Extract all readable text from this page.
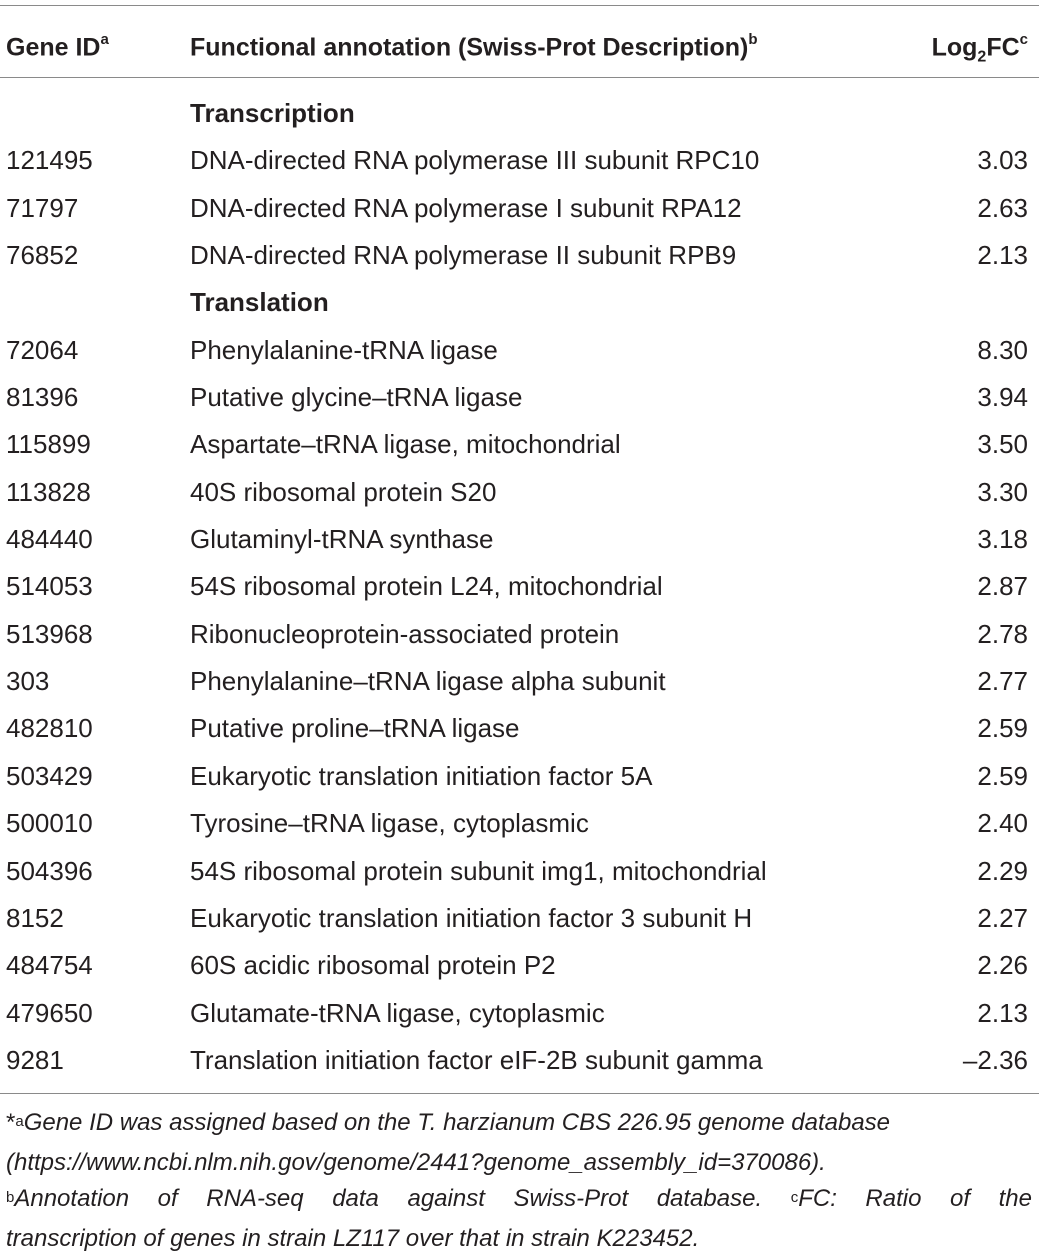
Gene $ID^a$	Functional annotation (Swiss-Prot Description)$^b$	$Log_2FC^c$
Transcription
121495	DNA-directed RNA polymerase III subunit RPC10	3.03
71797	DNA-directed RNA polymerase I subunit RPA12	2.63
76852	DNA-directed RNA polymerase II subunit RPB9	2.13
Translation
72064	Phenylalanine-tRNA ligase	8.30
81396	Putative glycine–tRNA ligase	3.94
115899	Aspartate–tRNA ligase, mitochondrial	3.50
113828	40S ribosomal protein S20	3.30
484440	Glutaminyl-tRNA synthase	3.18
514053	54S ribosomal protein L24, mitochondrial	2.87
513968	Ribonucleoprotein-associated protein	2.78
303	Phenylalanine–tRNA ligase alpha subunit	2.77
482810	Putative proline–tRNA ligase	2.59
503429	Eukaryotic translation initiation factor 5A	2.59
500010	Tyrosine–tRNA ligase, cytoplasmic	2.40
504396	54S ribosomal protein subunit img1, mitochondrial	2.29
8152	Eukaryotic translation initiation factor 3 subunit H	2.27
484754	60S acidic ribosomal protein P2	2.26
479650	Glutamate-tRNA ligase, cytoplasmic	2.13
9281	Translation initiation factor eIF-2B subunit gamma	–2.36
*$^a$Gene ID was assigned based on the T. harzianum CBS 226.95 genome database
(https://www.ncbi.nlm.nih.gov/genome/2441?genome_assembly_id=370086).
$^b$Annotation of RNA-seq data against Swiss-Prot database. $^c$FC: Ratio of the
transcription of genes in strain LZ117 over that in strain K223452.
